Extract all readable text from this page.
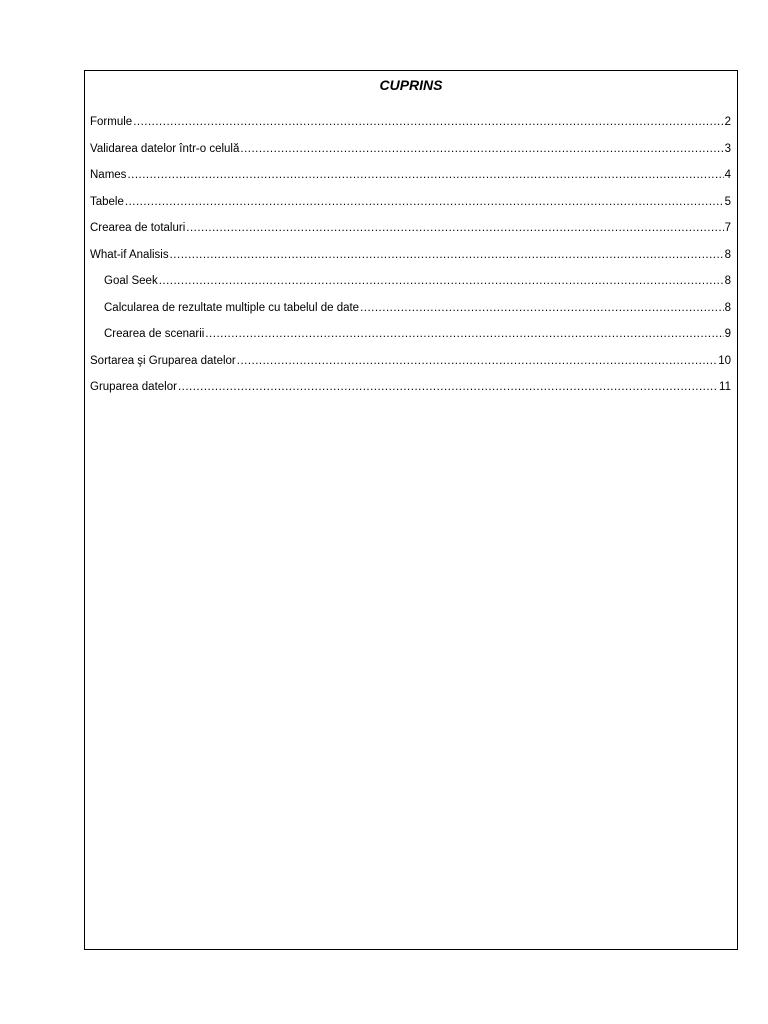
CUPRINS
Formule .....	2
Validarea datelor într-o celulă .....	3
Names .....	4
Tabele .....	5
Crearea de totaluri .....	7
What-if Analisis .....	8
Goal Seek .....	8
Calcularea de rezultate multiple cu tabelul de date .....	8
Crearea de scenarii .....	9
Sortarea şi Gruparea datelor .....	10
Gruparea datelor .....	11
